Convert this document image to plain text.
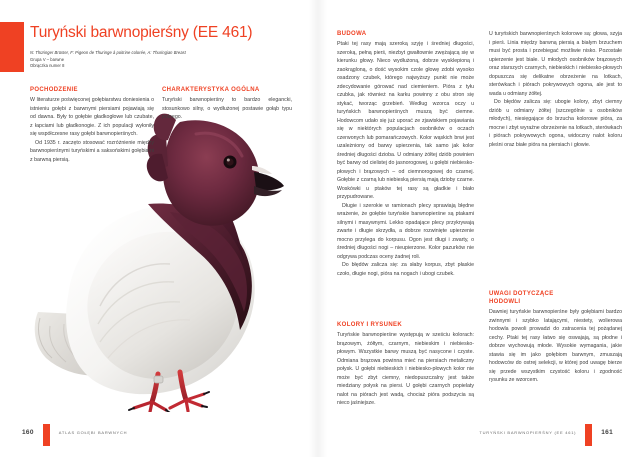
Turyński barwnopierśny (EE 461)
N: Thüringer Brüster, F: Pigeon de Thuringe à poitrine colorée, A: Thuringian Breast
Grupa V – barwne
Obrączka numer 8
POCHODZENIE

W literaturze poświęconej gołębiarstwu doniesienia o istnieniu gołębi z barwnymi piersiami pojawiają się od dawna. Były to gołębie gładkogłowe lub czubate, z łapciami lub gładkonogie. Z ich populacji wyłoniły się współczesne rasy gołębi barwnopierśnych.

Od 1935 r. zaczęto stosować rozróżnienie między barwnopierśnymi turyńskimi a saksońskimi gołębiami z barwną piersią.

CHARAKTERYSTYKA OGÓLNA

Turyński barwnopierśny to bardzo elegancki, stosunkowo silny, o wydłużonej postawie gołąb typu polnego.

160	ATLAS GOŁĘBI BARWNYCH
BUDOWA

Ptaki tej rasy mają szeroką szyję i średniej długości, szeroką, pełną pierś, niezbyt gwałtownie zwężającą się w kierunku głowy. Nieco wydłużoną, dobrze wysklepioną i zaokrągloną, o dość wysokim czole głowę zdobi wysoko osadzony czubek, którego najwyższy punkt nie może zdecydowanie górować nad ciemieniem. Pióra z tyłu czubka, jak również na karku powinny z obu stron się stykać, tworząc grzebień. Według wzorca oczy u turyńskich barwnopierśnych muszą być ciemne. Hodowcom udało się już uporać ze zjawiskiem pojawiania się w niektórych populacjach osobników o oczach czerwonych lub pomarańczowych. Kolor wąskich brwi jest uzależniony od barwy upierzenia, tak samo jak kolor średniej długości dzioba. U odmiany żółtej dziób powinien być barwy od cielistej do jasnorogowej, u gołębi niebiesko-płowych i brązowych – od ciemnorogowej do czarnej. Gołębie z czarną lub niebieską piersią mają dzioby czarne. Woskówki u ptaków tej rasy są gładkie i biało przypudrowane.

Długie i szerokie w ramionach plecy sprawiają błędne wrażenie, że gołębie turyńskie barwnopierśne są ptakami silnymi i masywnymi. Lekko opadające plecy przykrywają zwarte i długie skrzydła, a dobrze rozwinięte upierzenie mocno przylega do korpusu. Ogon jest długi i zwarty, o średniej długości nogi – nieupierzone. Kolor pazurków nie odgrywa podczas oceny żadnej roli.

Do błędów zalicza się: za słaby korpus, zbyt płaskie czoło, długie nogi, pióra na nogach i ubogi czubek.

KOLORY I RYSUNEK

Turyńskie barwnopierśne występują w sześciu kolorach: brązowym, żółtym, czarnym, niebieskim i niebiesko-płowym. Wszystkie barwy muszą być nasycone i czyste. Odmiana brązowa powinna mieć na piersiach metaliczny połysk. U gołębi niebieskich i niebiesko-płowych kolor nie może być zbyt ciemny, niedopuszczalny jest także miedziany połysk na piersi. U gołębi czarnych popielaty nalot na piórach jest wadą, chociaż pióra podszycia są nieco jaśniejsze.

U turyńskich barwnopierśnych kolorowe są: głowa, szyja i pierś. Linia między barwną piersią a białym brzuchem musi być prosta i przebiegać możliwie nisko. Pozostałe upierzenie jest białe. U młodych osobników brązowych oraz starszych czarnych, niebieskich i niebiesko-płowych dopuszcza się delikatne obrzeżenie na lotkach, sterówkach i piórach pokrywowych ogona, ale jest to wada u odmiany żółtej.

Do błędów zalicza się: ubogie kolory, zbyt ciemny dziób u odmiany żółtej (szczególnie u osobników młodych), niesięgające do brzucha kolorowe pióra, za mocne i zbyt wyraźne obrzeżenie na lotkach, sterówkach i piórach pokrywowych ogona, widoczny nalot koloru pleśni oraz białe pióra na piersiach i głowie.

UWAGI DOTYCZĄCE
HODOWLI

Dawniej turyńskie barwnopierśne były gołębiami bardzo zwinnymi i szybko latającymi, niestety, wolierowa hodowla powoli prowadzi do zatracenia tej pożądanej cechy. Ptaki tej rasy łatwo się oswajają, są płodne i dobrze wychowują młode. Wysokie wymagania, jakie stawia się im jako gołębiom barwnym, zmuszają hodowców do ostrej selekcji, w której pod uwagę bierze się przede wszystkim czystość koloru i zgodność rysunku ze wzorcem.

TURYŃSKI BARWNOPIERŚNY (EE 461)	161
